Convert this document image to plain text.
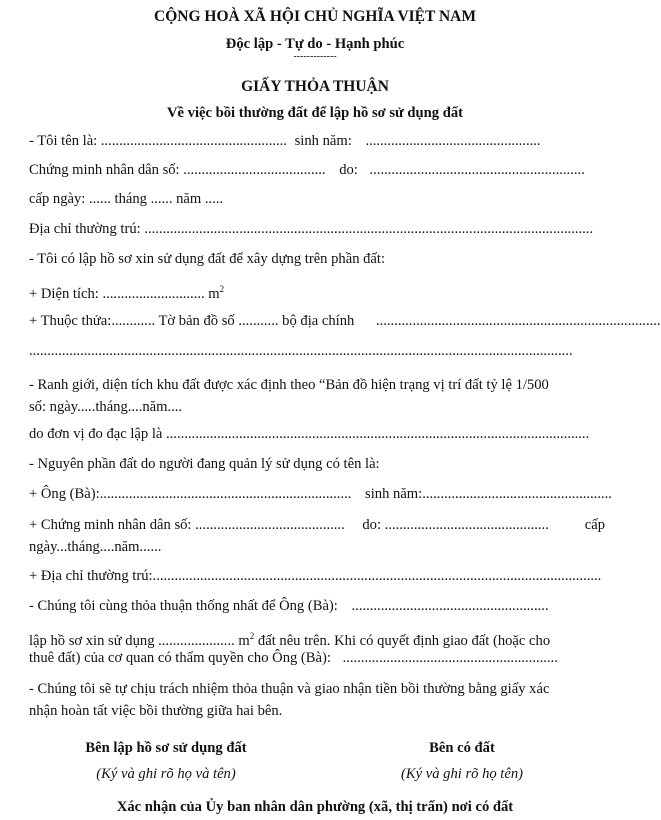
CỘNG HOÀ XÃ HỘI CHỦ NGHĨA VIỆT NAM
Độc lập - Tự do - Hạnh phúc
-------------
GIẤY THỎA THUẬN
Về việc bồi thường đất để lập hồ sơ sử dụng đất
- Tôi tên là: ................................................... sinh năm: ................................................
Chứng minh nhân dân số: ....................................... do: ...........................................................
cấp ngày: ...... tháng ...... năm .....
Địa chỉ thường trú: ...........................................................................................................................
- Tôi có lập hồ sơ xin sử dụng đất để xây dựng trên phần đất:
+ Diện tích: ............................ $m^2$
+ Thuộc thửa:............ Tờ bản đồ số ........... bộ địa chính ..............................................................................
.....................................................................................................................................................
- Ranh giới, diện tích khu đất được xác định theo “Bản đồ hiện trạng vị trí đất tỷ lệ 1/500
số: ngày.....tháng....năm....
do đơn vị đo đạc lập là ....................................................................................................................
- Nguyên phần đất do người đang quản lý sử dụng có tên là:
+ Ông (Bà):..................................................................... sinh năm:....................................................
+ Chứng minh nhân dân số: ......................................... do: ............................................. cấp
ngày...tháng....năm......
+ Địa chỉ thường trú:...........................................................................................................................
- Chúng tôi cùng thỏa thuận thống nhất để Ông (Bà): ......................................................
lập hồ sơ xin sử dụng ..................... $m^2$ đất nêu trên. Khi có quyết định giao đất (hoặc cho
thuê đất) của cơ quan có thẩm quyền cho Ông (Bà): ...........................................................
- Chúng tôi sẽ tự chịu trách nhiệm thỏa thuận và giao nhận tiền bồi thường bằng giấy xác
nhận hoàn tất việc bồi thường giữa hai bên.
Bên lập hồ sơ sử dụng đất
(Ký và ghi rõ họ và tên)
Bên có đất
(Ký và ghi rõ họ tên)
Xác nhận của Ủy ban nhân dân phường (xã, thị trấn) nơi có đất
